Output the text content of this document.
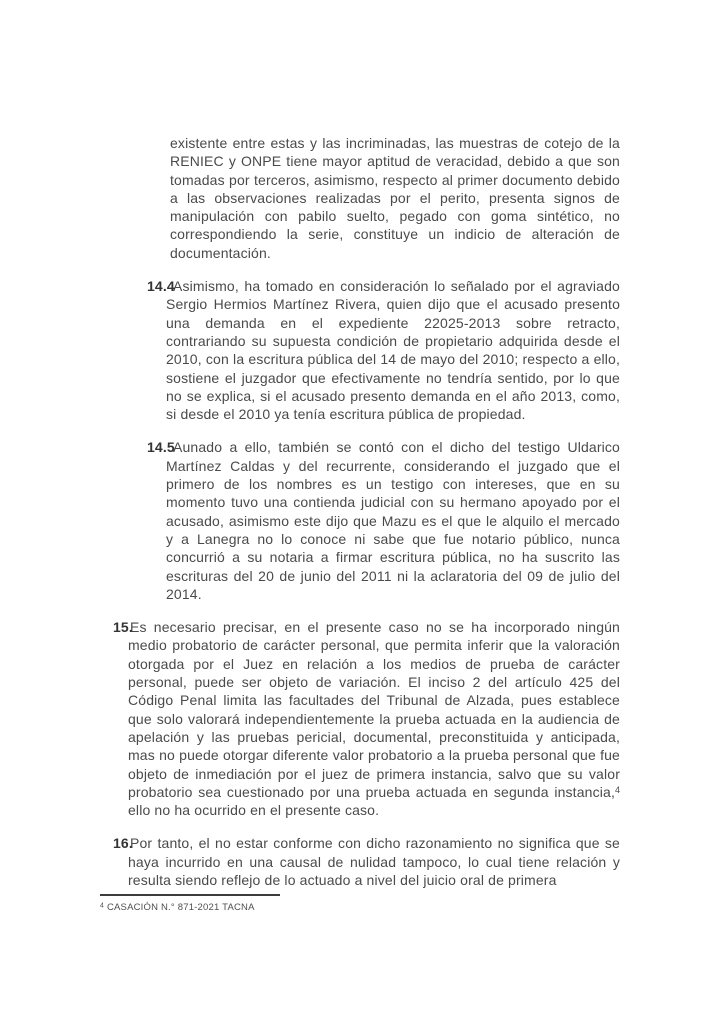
existente entre estas y las incriminadas, las muestras de cotejo de la RENIEC y ONPE tiene mayor aptitud de veracidad, debido a que son tomadas por terceros, asimismo, respecto al primer documento debido a las observaciones realizadas por el perito, presenta signos de manipulación con pabilo suelto, pegado con goma sintético, no correspondiendo la serie, constituye un indicio de alteración de documentación.

14.4
Asimismo, ha tomado en consideración lo señalado por el agraviado Sergio Hermios Martínez Rivera, quien dijo que el acusado presento una demanda en el expediente 22025-2013 sobre retracto, contrariando su supuesta condición de propietario adquirida desde el 2010, con la escritura pública del 14 de mayo del 2010; respecto a ello, sostiene el juzgador que efectivamente no tendría sentido, por lo que no se explica, si el acusado presento demanda en el año 2013, como, si desde el 2010 ya tenía escritura pública de propiedad.
14.5
Aunado a ello, también se contó con el dicho del testigo Uldarico Martínez Caldas y del recurrente, considerando el juzgado que el primero de los nombres es un testigo con intereses, que en su momento tuvo una contienda judicial con su hermano apoyado por el acusado, asimismo este dijo que Mazu es el que le alquilo el mercado y a Lanegra no lo conoce ni sabe que fue notario público, nunca concurrió a su notaria a firmar escritura pública, no ha suscrito las escrituras del 20 de junio del 2011 ni la aclaratoria del 09 de julio del 2014.
15.
Es necesario precisar, en el presente caso no se ha incorporado ningún medio probatorio de carácter personal, que permita inferir que la valoración otorgada por el Juez en relación a los medios de prueba de carácter personal, puede ser objeto de variación. El inciso 2 del artículo 425 del Código Penal limita las facultades del Tribunal de Alzada, pues establece que solo valorará independientemente la prueba actuada en la audiencia de apelación y las pruebas pericial, documental, preconstituida y anticipada, mas no puede otorgar diferente valor probatorio a la prueba personal que fue objeto de inmediación por el juez de primera instancia, salvo que su valor probatorio sea cuestionado por una prueba actuada en segunda instancia,$^4$ ello no ha ocurrido en el presente caso.
16.
Por tanto, el no estar conforme con dicho razonamiento no significa que se haya incurrido en una causal de nulidad tampoco, lo cual tiene relación y resulta siendo reflejo de lo actuado a nivel del juicio oral de primera

$^4$ CASACIÓN N.° 871-2021 TACNA
